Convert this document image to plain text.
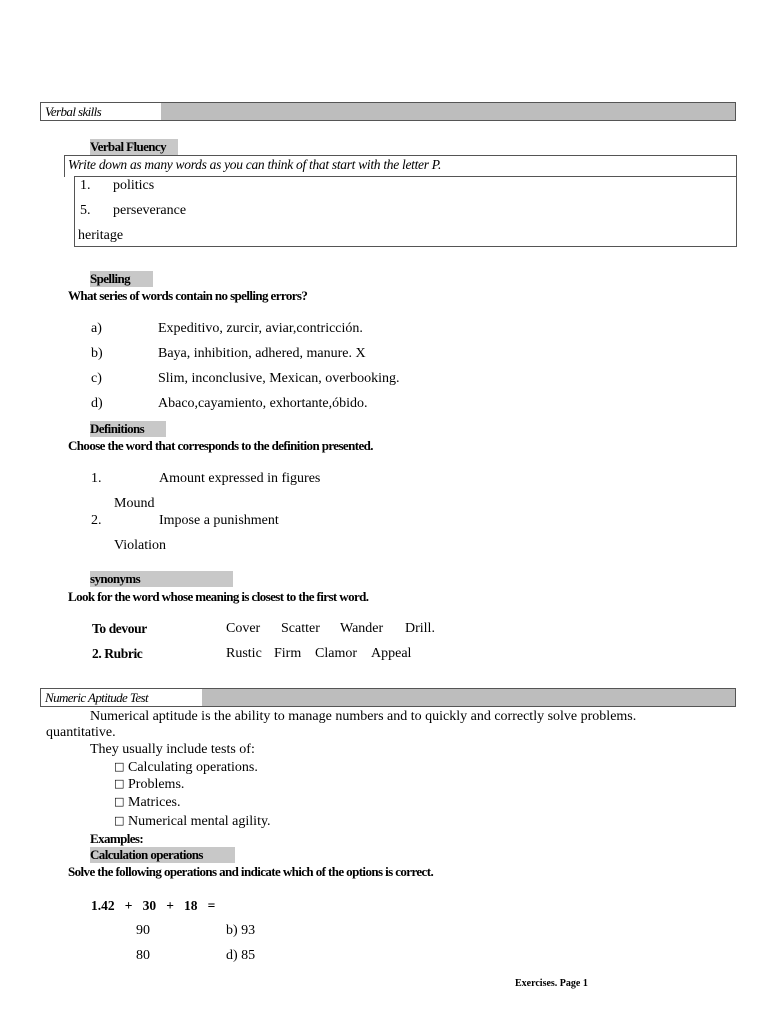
Verbal skills
Verbal Fluency
Write down as many words as you can think of that start with the letter P.
1. politics
5. perseverance
heritage
Spelling
What series of words contain no spelling errors?
a)	Expeditivo, zurcir, aviar,contricción.
b)	Baya, inhibition, adhered, manure. X
c)	Slim, inconclusive, Mexican, overbooking.
d)	Abaco,cayamiento, exhortante,óbido.
Definitions
Choose the word that corresponds to the definition presented.
1.	Amount expressed in figures
Mound
2.	Impose a punishment
Violation
synonyms
Look for the word whose meaning is closest to the first word.
To devour	Cover Scatter Wander Drill.
2. Rubric	Rustic Firm Clamor Appeal
Numeric Aptitude Test
Numerical aptitude is the ability to manage numbers and to quickly and correctly solve problems.
quantitative.
They usually include tests of:
□ Calculating operations.
□ Problems.
□ Matrices.
□ Numerical mental agility.
Examples:
Calculation operations
Solve the following operations and indicate which of the options is correct.
1.42   +   30   +   18   =
90	b) 93
80	d) 85
Exercises. Page 1
